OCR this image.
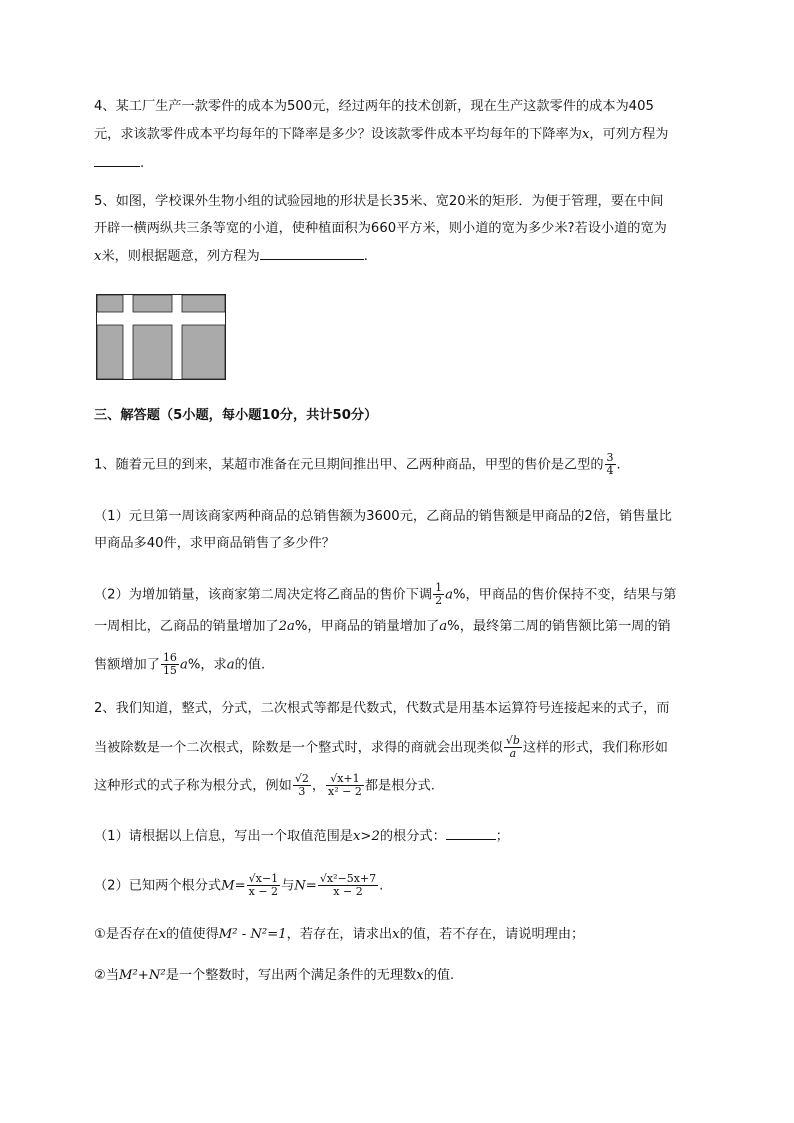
4、某工厂生产一款零件的成本为500元，经过两年的技术创新，现在生产这款零件的成本为405
元，求该款零件成本平均每年的下降率是多少？设该款零件成本平均每年的下降率为x，可列方程为
.
5、如图，学校课外生物小组的试验园地的形状是长35米、宽20米的矩形．为便于管理，要在中间
开辟一横两纵共三条等宽的小道，使种植面积为660平方米，则小道的宽为多少米?若设小道的宽为
x米，则根据题意，列方程为	.
三、解答题（5小题，每小题10分，共计50分）
1、随着元旦的到来，某超市准备在元旦期间推出甲、乙两种商品，甲型的售价是乙型的 $\frac{3}{4}$ .
（1）元旦第一周该商家两种商品的总销售额为3600元，乙商品的销售额是甲商品的2倍，销售量比
甲商品多40件，求甲商品销售了多少件？
（2）为增加销量，该商家第二周决定将乙商品的售价下调 $\frac{1}{2} a\%$，甲商品的售价保持不变，结果与第
一周相比，乙商品的销量增加了2a%，甲商品的销量增加了a%，最终第二周的销售额比第一周的销
售额增加了 $\frac{16}{15} a\%$，求a的值.
2、我们知道，整式，分式，二次根式等都是代数式，代数式是用基本运算符号连接起来的式子，而
当被除数是一个二次根式，除数是一个整式时，求得的商就会出现类似 $\frac{√b}{a}$ 这样的形式，我们称形如
这种形式的式子称为根分式，例如 $\frac{√2}{3}$ ， $\frac{√x+1}{\text{x² − 2}}$ 都是根分式.
（1）请根据以上信息，写出一个取值范围是x>2的根分式：	；
（2）已知两个根分式$M= \frac{√x-1}{x - 2}$ 与$N= \frac{\text{√x²−5x+7}}{x - 2}$ .
①是否存在x的值使得M² - N²=1，若存在，请求出x的值，若不存在，请说明理由；
②当M²+N²是一个整数时，写出两个满足条件的无理数x的值.
